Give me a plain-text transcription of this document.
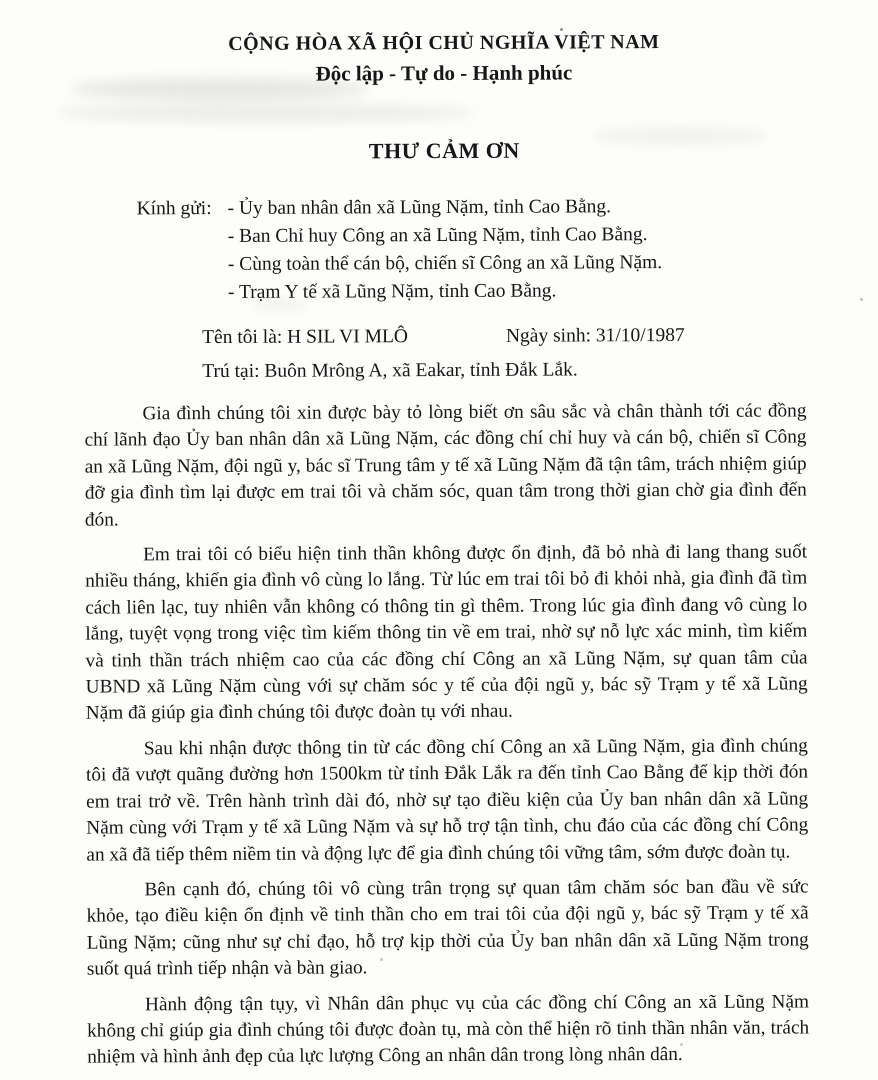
CỘNG HÒA XÃ HỘI CHỦ NGHĨA VIỆT NAM
Độc lập - Tự do - Hạnh phúc
THƯ CẢM ƠN
Kính gửi: - Ủy ban nhân dân xã Lũng Nặm, tỉnh Cao Bằng.
- Ban Chỉ huy Công an xã Lũng Nặm, tỉnh Cao Bằng.
- Cùng toàn thể cán bộ, chiến sĩ Công an xã Lũng Nặm.
- Trạm Y tế xã Lũng Nặm, tỉnh Cao Bằng.
Tên tôi là: H SIL VI MLÔ	Ngày sinh: 31/10/1987
Trú tại: Buôn Mrông A, xã Eakar, tỉnh Đắk Lắk.

Gia đình chúng tôi xin được bày tỏ lòng biết ơn sâu sắc và chân thành tới các đồng chí lãnh đạo Ủy ban nhân dân xã Lũng Nặm, các đồng chí chỉ huy và cán bộ, chiến sĩ Công an xã Lũng Nặm, đội ngũ y, bác sĩ Trung tâm y tế xã Lũng Nặm đã tận tâm, trách nhiệm giúp đỡ gia đình tìm lại được em trai tôi và chăm sóc, quan tâm trong thời gian chờ gia đình đến đón.

Em trai tôi có biểu hiện tinh thần không được ổn định, đã bỏ nhà đi lang thang suốt nhiều tháng, khiến gia đình vô cùng lo lắng. Từ lúc em trai tôi bỏ đi khỏi nhà, gia đình đã tìm cách liên lạc, tuy nhiên vẫn không có thông tin gì thêm. Trong lúc gia đình đang vô cùng lo lắng, tuyệt vọng trong việc tìm kiếm thông tin về em trai, nhờ sự nỗ lực xác minh, tìm kiếm và tinh thần trách nhiệm cao của các đồng chí Công an xã Lũng Nặm, sự quan tâm của UBND xã Lũng Nặm cùng với sự chăm sóc y tế của đội ngũ y, bác sỹ Trạm y tế xã Lũng Nặm đã giúp gia đình chúng tôi được đoàn tụ với nhau.

Sau khi nhận được thông tin từ các đồng chí Công an xã Lũng Nặm, gia đình chúng tôi đã vượt quãng đường hơn 1500km từ tỉnh Đắk Lắk ra đến tỉnh Cao Bằng để kịp thời đón em trai trở về. Trên hành trình dài đó, nhờ sự tạo điều kiện của Ủy ban nhân dân xã Lũng Nặm cùng với Trạm y tế xã Lũng Nặm và sự hỗ trợ tận tình, chu đáo của các đồng chí Công an xã đã tiếp thêm niềm tin và động lực để gia đình chúng tôi vững tâm, sớm được đoàn tụ.

Bên cạnh đó, chúng tôi vô cùng trân trọng sự quan tâm chăm sóc ban đầu về sức khỏe, tạo điều kiện ổn định về tinh thần cho em trai tôi của đội ngũ y, bác sỹ Trạm y tế xã Lũng Nặm; cũng như sự chỉ đạo, hỗ trợ kịp thời của Ủy ban nhân dân xã Lũng Nặm trong suốt quá trình tiếp nhận và bàn giao.

Hành động tận tụy, vì Nhân dân phục vụ của các đồng chí Công an xã Lũng Nặm không chỉ giúp gia đình chúng tôi được đoàn tụ, mà còn thể hiện rõ tinh thần nhân văn, trách nhiệm và hình ảnh đẹp của lực lượng Công an nhân dân trong lòng nhân dân.
